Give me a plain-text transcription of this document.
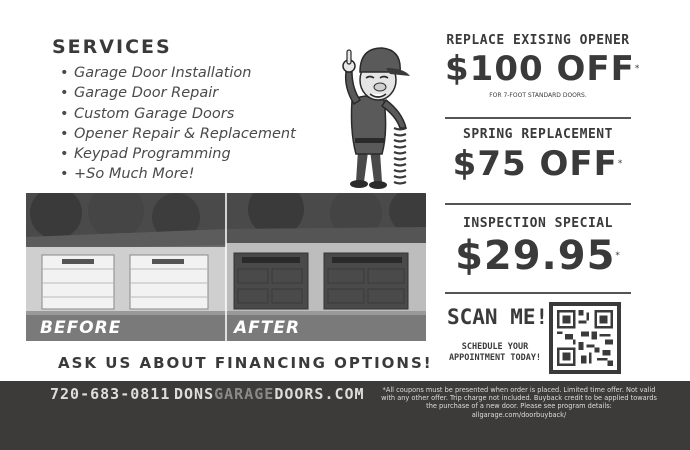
SERVICES
• Garage Door Installation
• Garage Door Repair
• Custom Garage Doors
• Opener Repair & Replacement
• Keypad Programming
• +So Much More!
BEFORE	AFTER
ASK US ABOUT FINANCING OPTIONS!
REPLACE EXISING OPENER
$100 OFF*
FOR 7-FOOT STANDARD DOORS.
SPRING REPLACEMENT
$75 OFF*
INSPECTION SPECIAL
$29.95*
SCAN ME!
SCHEDULE YOUR APPOINTMENT TODAY!
720-683-0811 DONSGARAGEDOORS.COM	*All coupons must be presented when order is placed. Limited time offer. Not valid with any other offer. Trip charge not included. Buyback credit to be applied towards the purchase of a new door. Please see program details: allgarage.com/doorbuyback/
